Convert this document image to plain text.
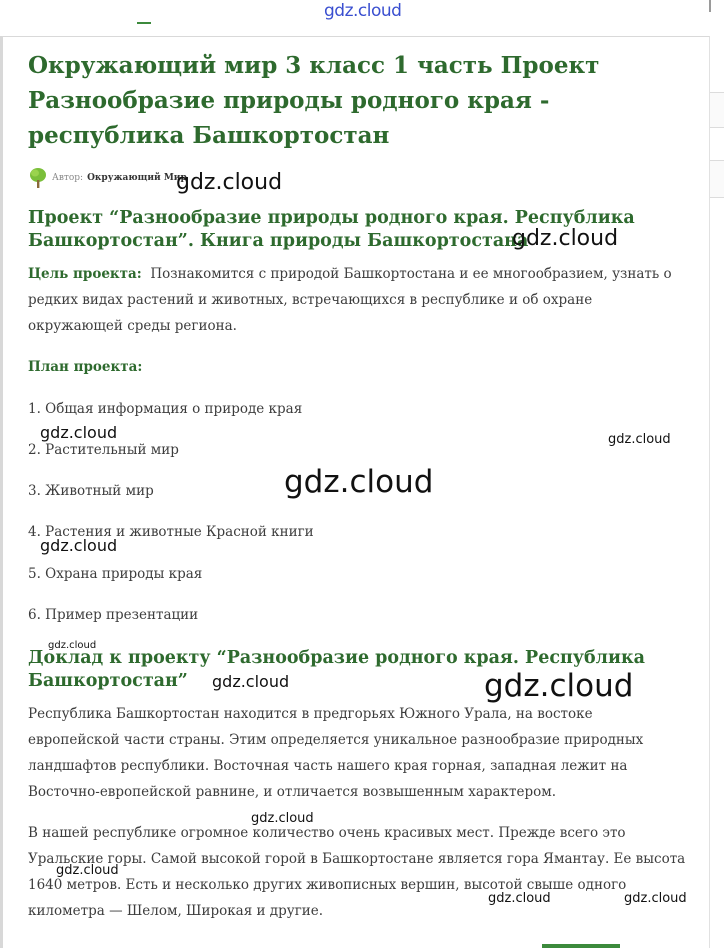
gdz.cloud
Окружающий мир 3 класс 1 часть Проект Разнообразие природы родного края - республика Башкортостан
Автор: Окружающий Мир
Проект “Разнообразие природы родного края. Республика Башкортостан”. Книга природы Башкортостана

Цель проекта: Познакомится с природой Башкортостана и ее многообразием, узнать о редких видах растений и животных, встречающихся в республике и об охране окружающей среды региона.

План проекта:

1. Общая информация о природе края

2. Растительный мир

3. Животный мир

4. Растения и животные Красной книги

5. Охрана природы края

6. Пример презентации

Доклад к проекту “Разнообразие родного края. Республика Башкортостан”

Республика Башкортостан находится в предгорьях Южного Урала, на востоке европейской части страны. Этим определяется уникальное разнообразие природных ландшафтов республики. Восточная часть нашего края горная, западная лежит на Восточно-европейской равнине, и отличается возвышенным характером.

В нашей республике огромное количество очень красивых мест. Прежде всего это Уральские горы. Самой высокой горой в Башкортостане является гора Ямантау. Ее высота 1640 метров. Есть и несколько других живописных вершин, высотой свыше одного километра — Шелом, Широкая и другие.

gdz.cloud
gdz.cloud
gdz.cloud	gdz.cloud
gdz.cloud
gdz.cloud
gdz.cloud
gdz.cloud	gdz.cloud
gdz.cloud
gdz.cloud
gdz.cloud	gdz.cloud
